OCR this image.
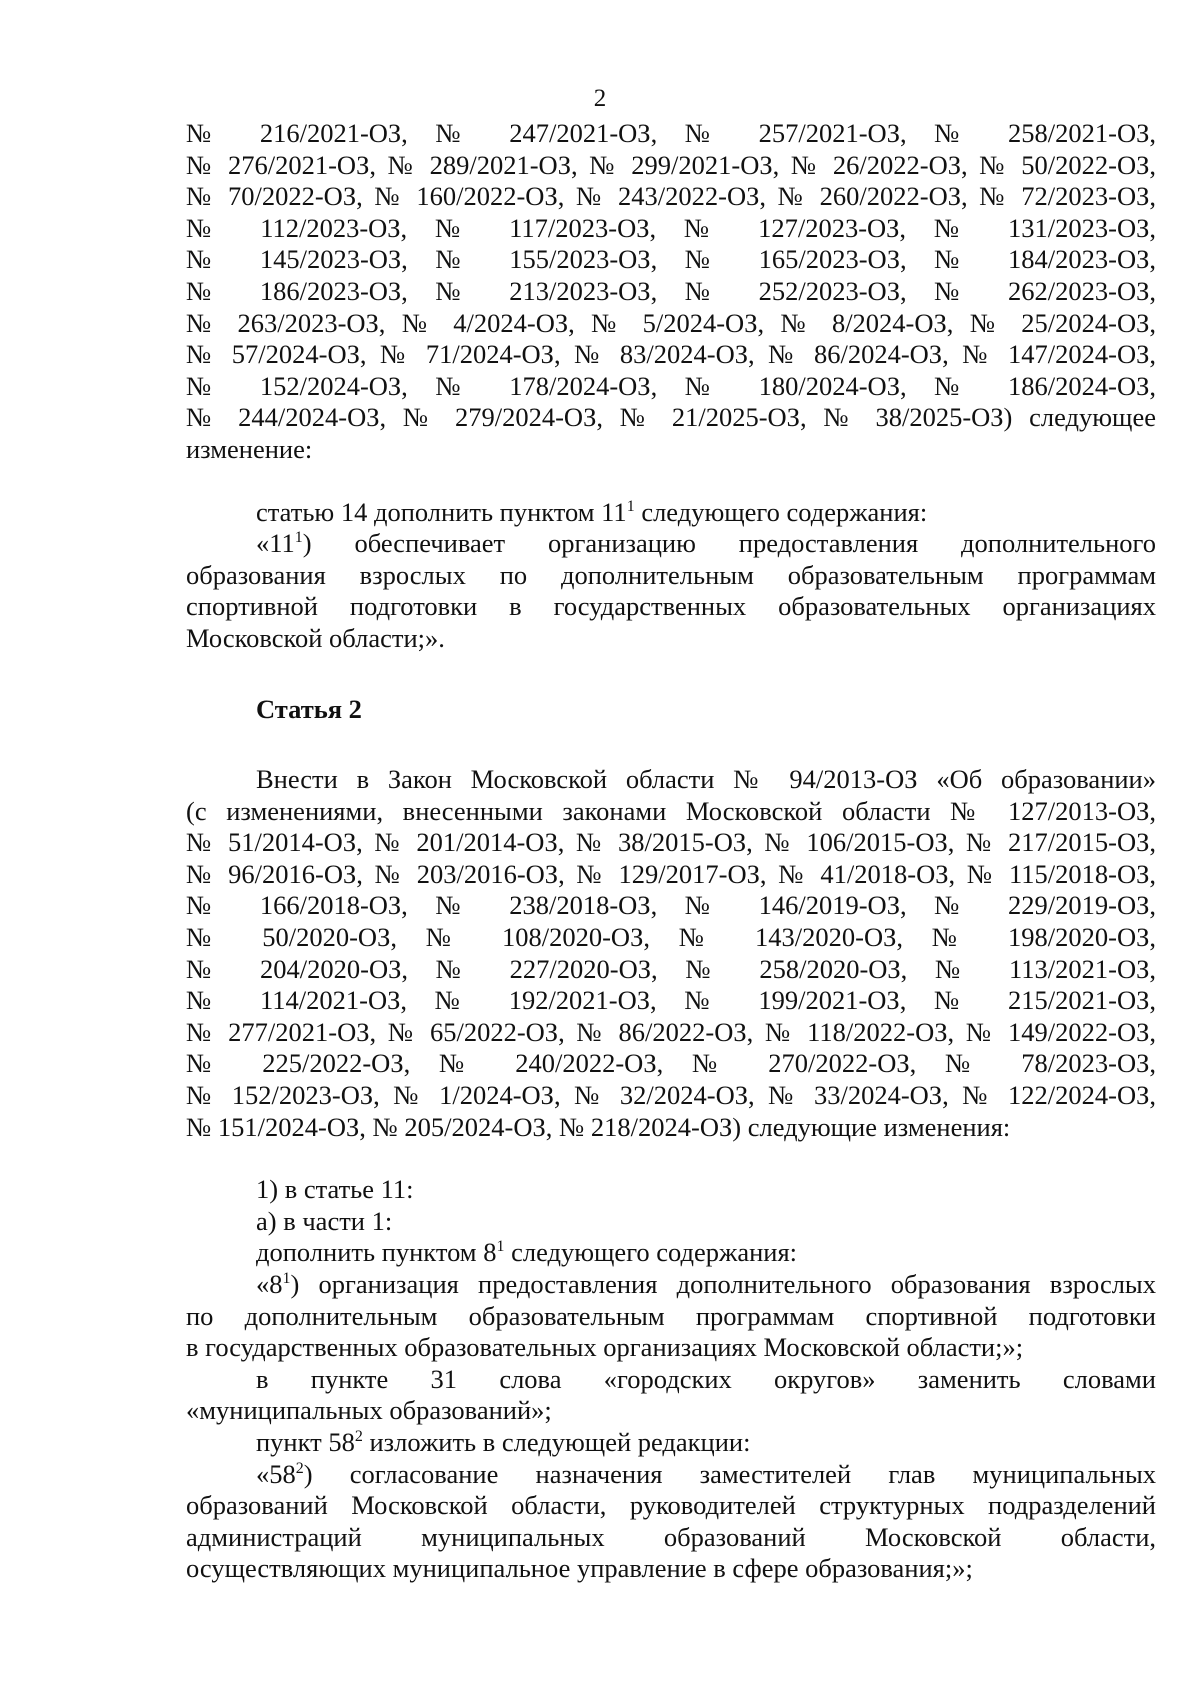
2
№ 216/2021-ОЗ, № 247/2021-ОЗ, № 257/2021-ОЗ, № 258/2021-ОЗ,
№ 276/2021-ОЗ, № 289/2021-ОЗ, № 299/2021-ОЗ, № 26/2022-ОЗ, № 50/2022-ОЗ,
№ 70/2022-ОЗ, № 160/2022-ОЗ, № 243/2022-ОЗ, № 260/2022-ОЗ, № 72/2023-ОЗ,
№ 112/2023-ОЗ, № 117/2023-ОЗ, № 127/2023-ОЗ, № 131/2023-ОЗ,
№ 145/2023-ОЗ, № 155/2023-ОЗ, № 165/2023-ОЗ, № 184/2023-ОЗ,
№ 186/2023-ОЗ, № 213/2023-ОЗ, № 252/2023-ОЗ, № 262/2023-ОЗ,
№ 263/2023-ОЗ, № 4/2024-ОЗ, № 5/2024-ОЗ, № 8/2024-ОЗ, № 25/2024-ОЗ,
№ 57/2024-ОЗ, № 71/2024-ОЗ, № 83/2024-ОЗ, № 86/2024-ОЗ, № 147/2024-ОЗ,
№ 152/2024-ОЗ, № 178/2024-ОЗ, № 180/2024-ОЗ, № 186/2024-ОЗ,
№ 244/2024-ОЗ, № 279/2024-ОЗ, № 21/2025-ОЗ, № 38/2025-ОЗ) следующее
изменение:
статью 14 дополнить пунктом $11^1$ следующего содержания:
«$11^1$) обеспечивает организацию предоставления дополнительного
образования взрослых по дополнительным образовательным программам
спортивной подготовки в государственных образовательных организациях
Московской области;».
Статья 2
Внести в Закон Московской области № 94/2013-ОЗ «Об образовании»
(с изменениями, внесенными законами Московской области № 127/2013-ОЗ,
№ 51/2014-ОЗ, № 201/2014-ОЗ, № 38/2015-ОЗ, № 106/2015-ОЗ, № 217/2015-ОЗ,
№ 96/2016-ОЗ, № 203/2016-ОЗ, № 129/2017-ОЗ, № 41/2018-ОЗ, № 115/2018-ОЗ,
№ 166/2018-ОЗ, № 238/2018-ОЗ, № 146/2019-ОЗ, № 229/2019-ОЗ,
№ 50/2020-ОЗ, № 108/2020-ОЗ, № 143/2020-ОЗ, № 198/2020-ОЗ,
№ 204/2020-ОЗ, № 227/2020-ОЗ, № 258/2020-ОЗ, № 113/2021-ОЗ,
№ 114/2021-ОЗ, № 192/2021-ОЗ, № 199/2021-ОЗ, № 215/2021-ОЗ,
№ 277/2021-ОЗ, № 65/2022-ОЗ, № 86/2022-ОЗ, № 118/2022-ОЗ, № 149/2022-ОЗ,
№ 225/2022-ОЗ, № 240/2022-ОЗ, № 270/2022-ОЗ, № 78/2023-ОЗ,
№ 152/2023-ОЗ, № 1/2024-ОЗ, № 32/2024-ОЗ, № 33/2024-ОЗ, № 122/2024-ОЗ,
№ 151/2024-ОЗ, № 205/2024-ОЗ, № 218/2024-ОЗ) следующие изменения:
1) в статье 11:
а) в части 1:
дополнить пунктом $8^1$ следующего содержания:
«$8^1$) организация предоставления дополнительного образования взрослых
по дополнительным образовательным программам спортивной подготовки
в государственных образовательных организациях Московской области;»;
в пункте 31 слова «городских округов» заменить словами
«муниципальных образований»;
пункт $58^2$ изложить в следующей редакции:
«$58^2$) согласование назначения заместителей глав муниципальных
образований Московской области, руководителей структурных подразделений
администраций муниципальных образований Московской области,
осуществляющих муниципальное управление в сфере образования;»;
